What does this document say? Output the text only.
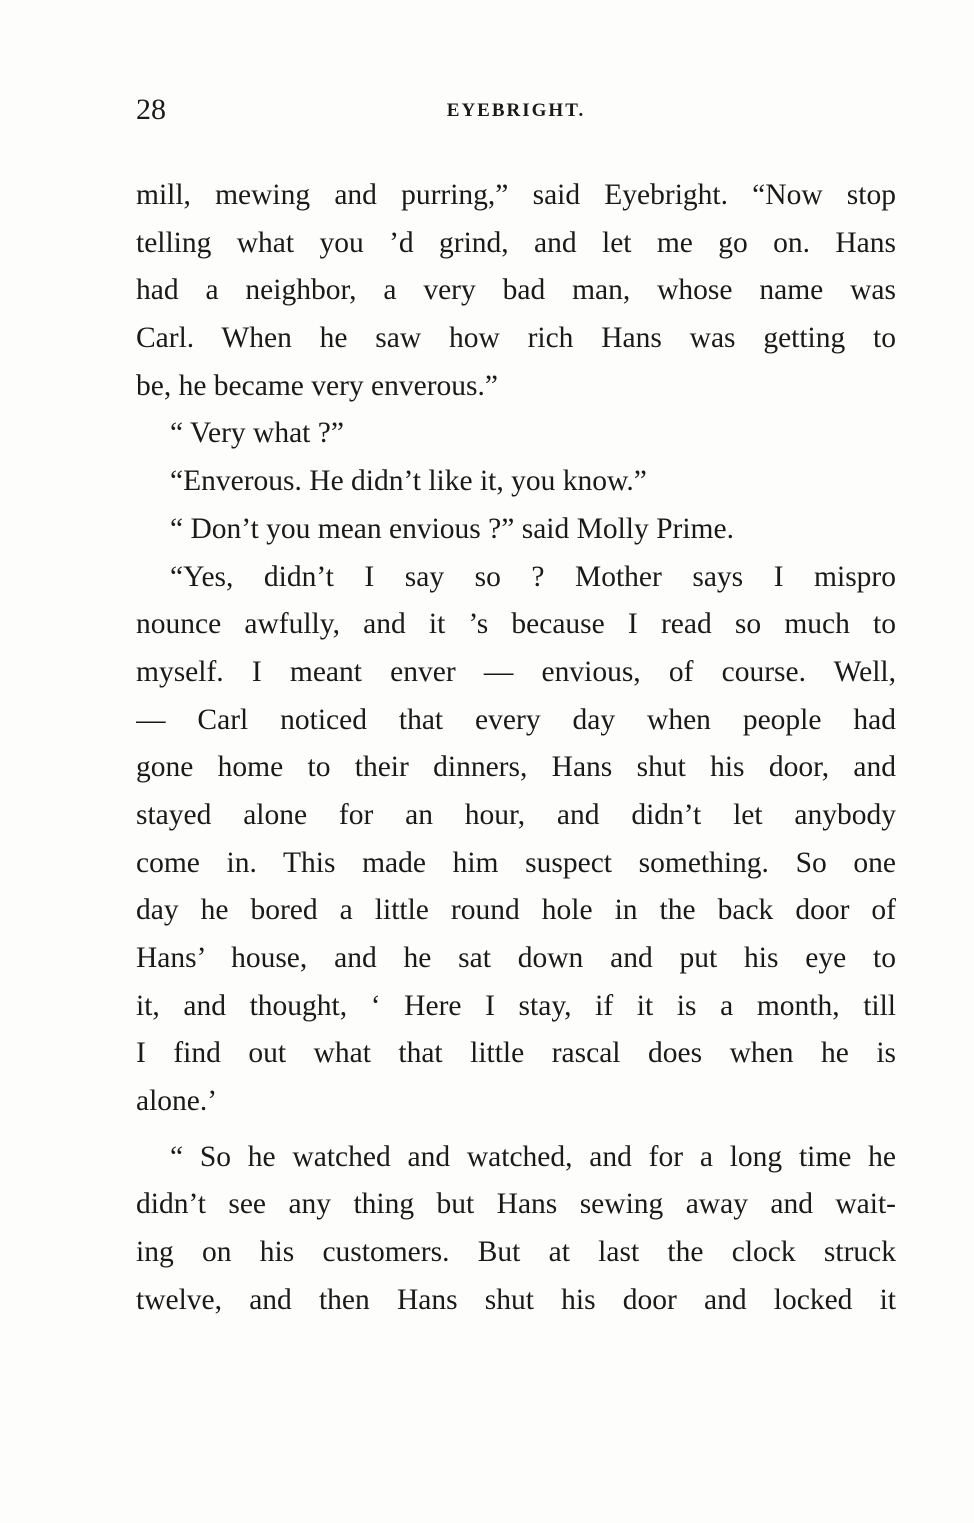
28	EYEBRIGHT.
mill, mewing and purring,” said Eyebright. “Now stop
telling what you ’d grind, and let me go on. Hans
had a neighbor, a very bad man, whose name was
Carl. When he saw how rich Hans was getting to
be, he became very enverous.”
“ Very what ?”
“Enverous. He didn’t like it, you know.”
“ Don’t you mean envious ?” said Molly Prime.
“Yes, didn’t I say so ? Mother says I mispro
nounce awfully, and it ’s because I read so much to
myself. I meant enver — envious, of course. Well,
— Carl noticed that every day when people had
gone home to their dinners, Hans shut his door, and
stayed alone for an hour, and didn’t let anybody
come in. This made him suspect something. So one
day he bored a little round hole in the back door of
Hans’ house, and he sat down and put his eye to
it, and thought, ‘ Here I stay, if it is a month, till
I find out what that little rascal does when he is
alone.’
“ So he watched and watched, and for a long time he
didn’t see any thing but Hans sewing away and wait-
ing on his customers. But at last the clock struck
twelve, and then Hans shut his door and locked it
